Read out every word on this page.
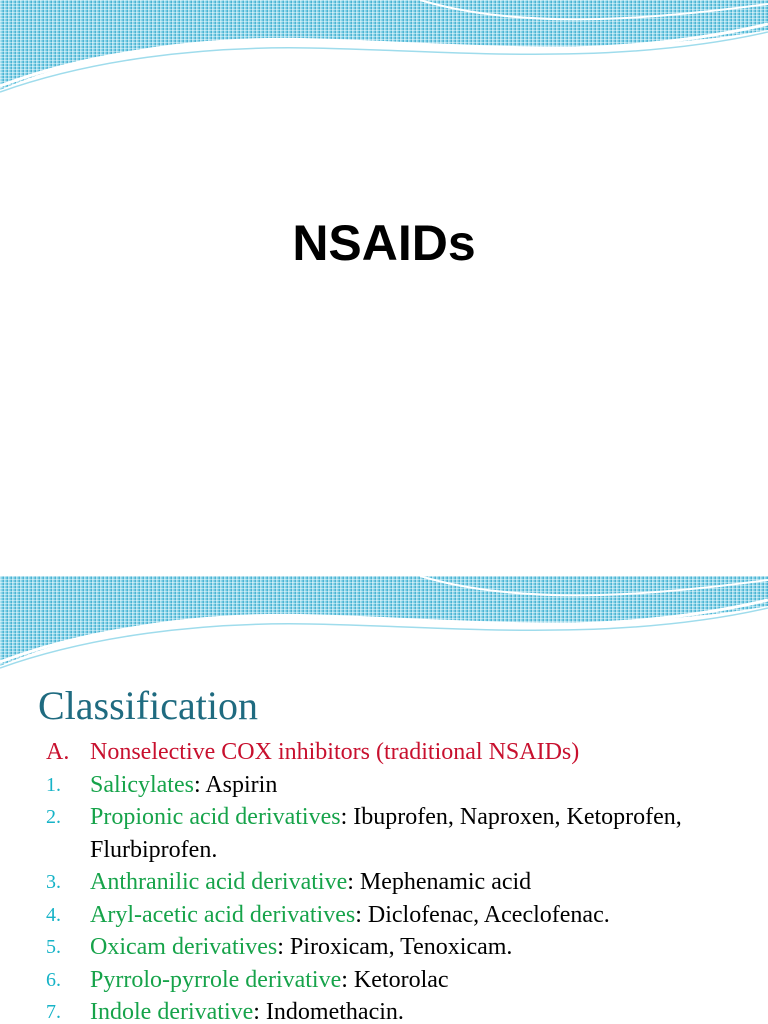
NSAIDs
Classification
A. Nonselective COX inhibitors (traditional NSAIDs)
1. Salicylates: Aspirin
2. Propionic acid derivatives: Ibuprofen, Naproxen, Ketoprofen, Flurbiprofen.
3. Anthranilic acid derivative: Mephenamic acid
4. Aryl-acetic acid derivatives: Diclofenac, Aceclofenac.
5. Oxicam derivatives: Piroxicam, Tenoxicam.
6. Pyrrolo-pyrrole derivative: Ketorolac
7. Indole derivative: Indomethacin.
